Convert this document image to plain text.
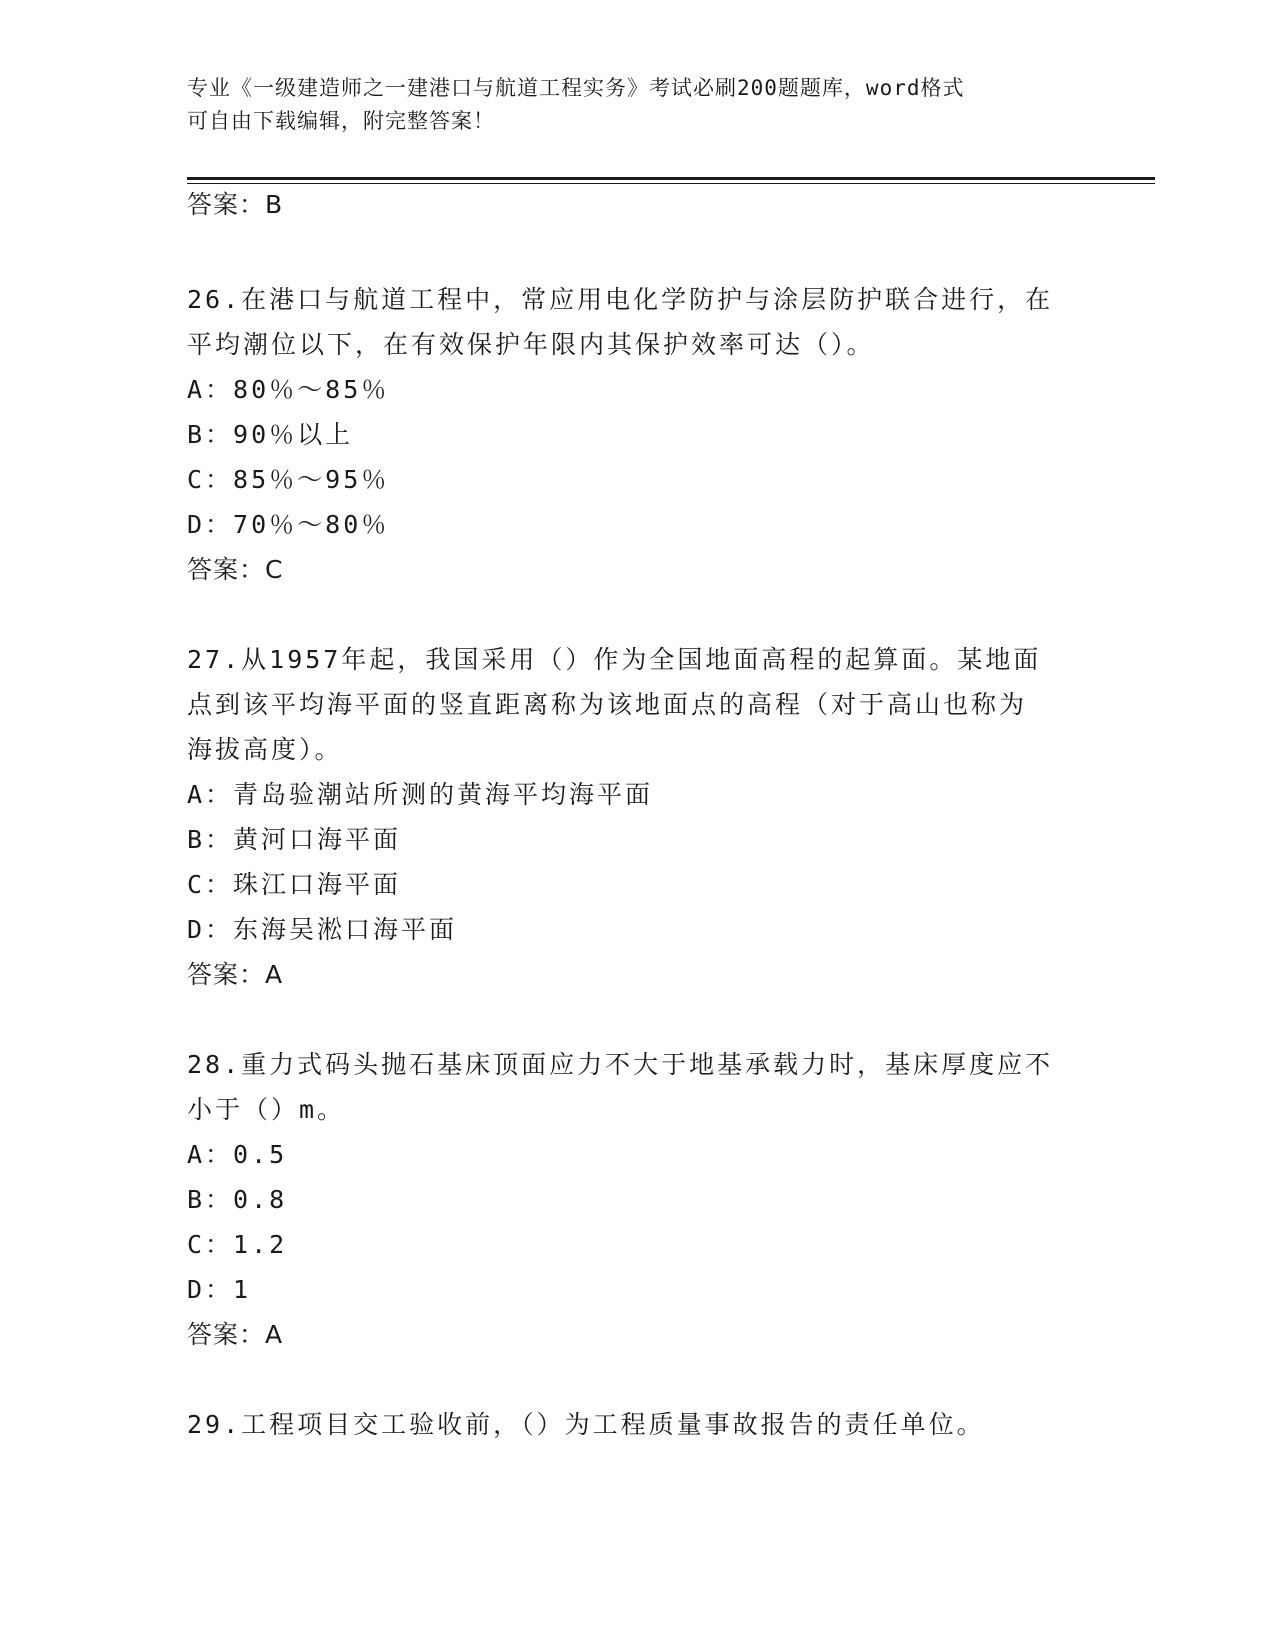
专业《一级建造师之一建港口与航道工程实务》考试必刷200题题库，word格式
可自由下载编辑，附完整答案！
答案：B
26.在港口与航道工程中，常应用电化学防护与涂层防护联合进行，在
平均潮位以下，在有效保护年限内其保护效率可达（）。
A：80％～85％
B：90％以上
C：85％～95％
D：70％～80％
答案：C
27.从1957年起，我国采用（）作为全国地面高程的起算面。某地面
点到该平均海平面的竖直距离称为该地面点的高程（对于高山也称为
海拔高度）。
A：青岛验潮站所测的黄海平均海平面
B：黄河口海平面
C：珠江口海平面
D：东海吴淞口海平面
答案：A
28.重力式码头抛石基床顶面应力不大于地基承载力时，基床厚度应不
小于（）m。
A：0.5
B：0.8
C：1.2
D：1
答案：A
29.工程项目交工验收前，（）为工程质量事故报告的责任单位。
